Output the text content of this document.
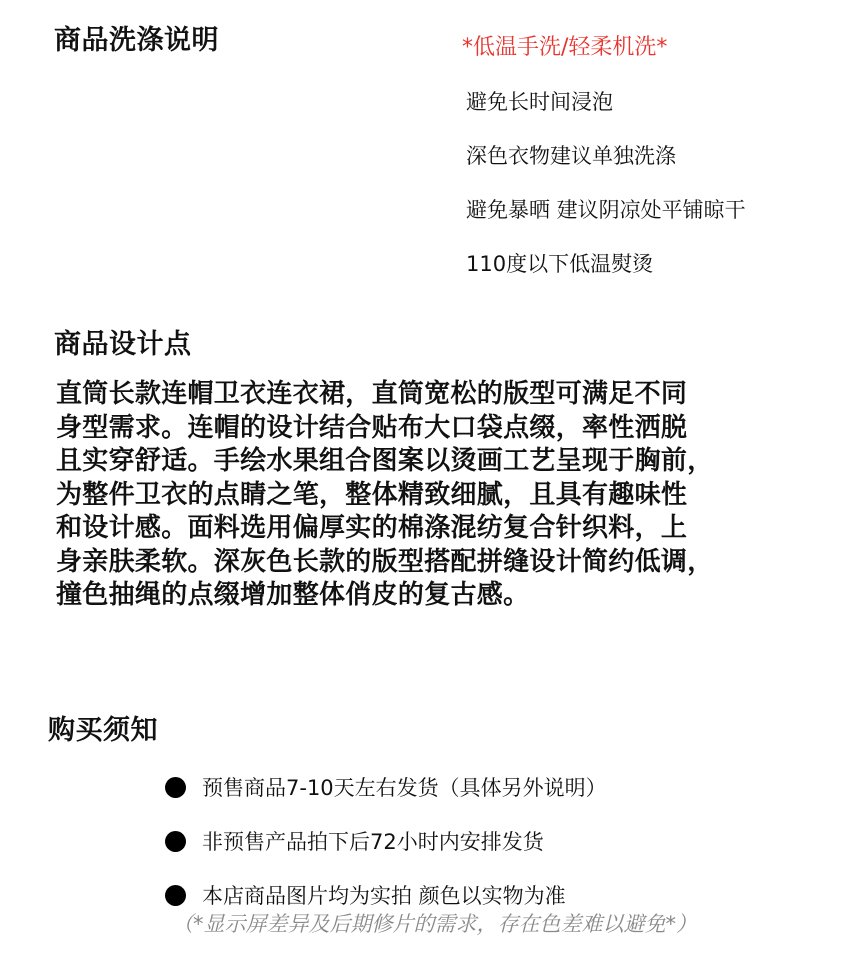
商品洗涤说明	*低温手洗/轻柔机洗*
避免长时间浸泡
深色衣物建议单独洗涤
避免暴晒 建议阴凉处平铺晾干
110度以下低温熨烫
商品设计点
直筒长款连帽卫衣连衣裙，直筒宽松的版型可满足不同
身型需求。连帽的设计结合贴布大口袋点缀，率性洒脱
且实穿舒适。手绘水果组合图案以烫画工艺呈现于胸前，
为整件卫衣的点睛之笔，整体精致细腻，且具有趣味性
和设计感。面料选用偏厚实的棉涤混纺复合针织料，上
身亲肤柔软。深灰色长款的版型搭配拼缝设计简约低调，
撞色抽绳的点缀增加整体俏皮的复古感。
购买须知
预售商品7-10天左右发货（具体另外说明）
非预售产品拍下后72小时内安排发货
本店商品图片均为实拍 颜色以实物为准
（*显示屏差异及后期修片的需求，存在色差难以避免*）
